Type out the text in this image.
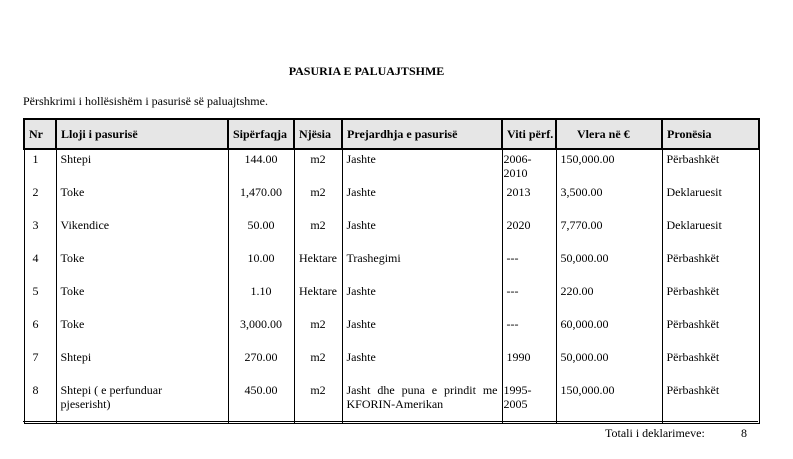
PASURIA E PALUAJTSHME
Përshkrimi i hollësishëm i pasurisë së paluajtshme.
Nr	Lloji i pasurisë	Sipërfaqja	Njësia	Prejardhja e pasurisë	Viti përf.	Vlera në €	Pronësia
1	Shtepi	144.00	m2	Jashte	2006-2010	150,000.00	Përbashkët
2	Toke	1,470.00	m2	Jashte	2013	3,500.00	Deklaruesit
3	Vikendice	50.00	m2	Jashte	2020	7,770.00	Deklaruesit
4	Toke	10.00	Hektare	Trashegimi	---	50,000.00	Përbashkët
5	Toke	1.10	Hektare	Jashte	---	220.00	Përbashkët
6	Toke	3,000.00	m2	Jashte	---	60,000.00	Përbashkët
7	Shtepi	270.00	m2	Jashte	1990	50,000.00	Përbashkët
8	Shtepi ( e perfunduar pjeserisht)	450.00	m2	Jasht dhe puna e prindit me KFORIN-Amerikan	1995-2005	150,000.00	Përbashkët
Totali i deklarimeve:	8
